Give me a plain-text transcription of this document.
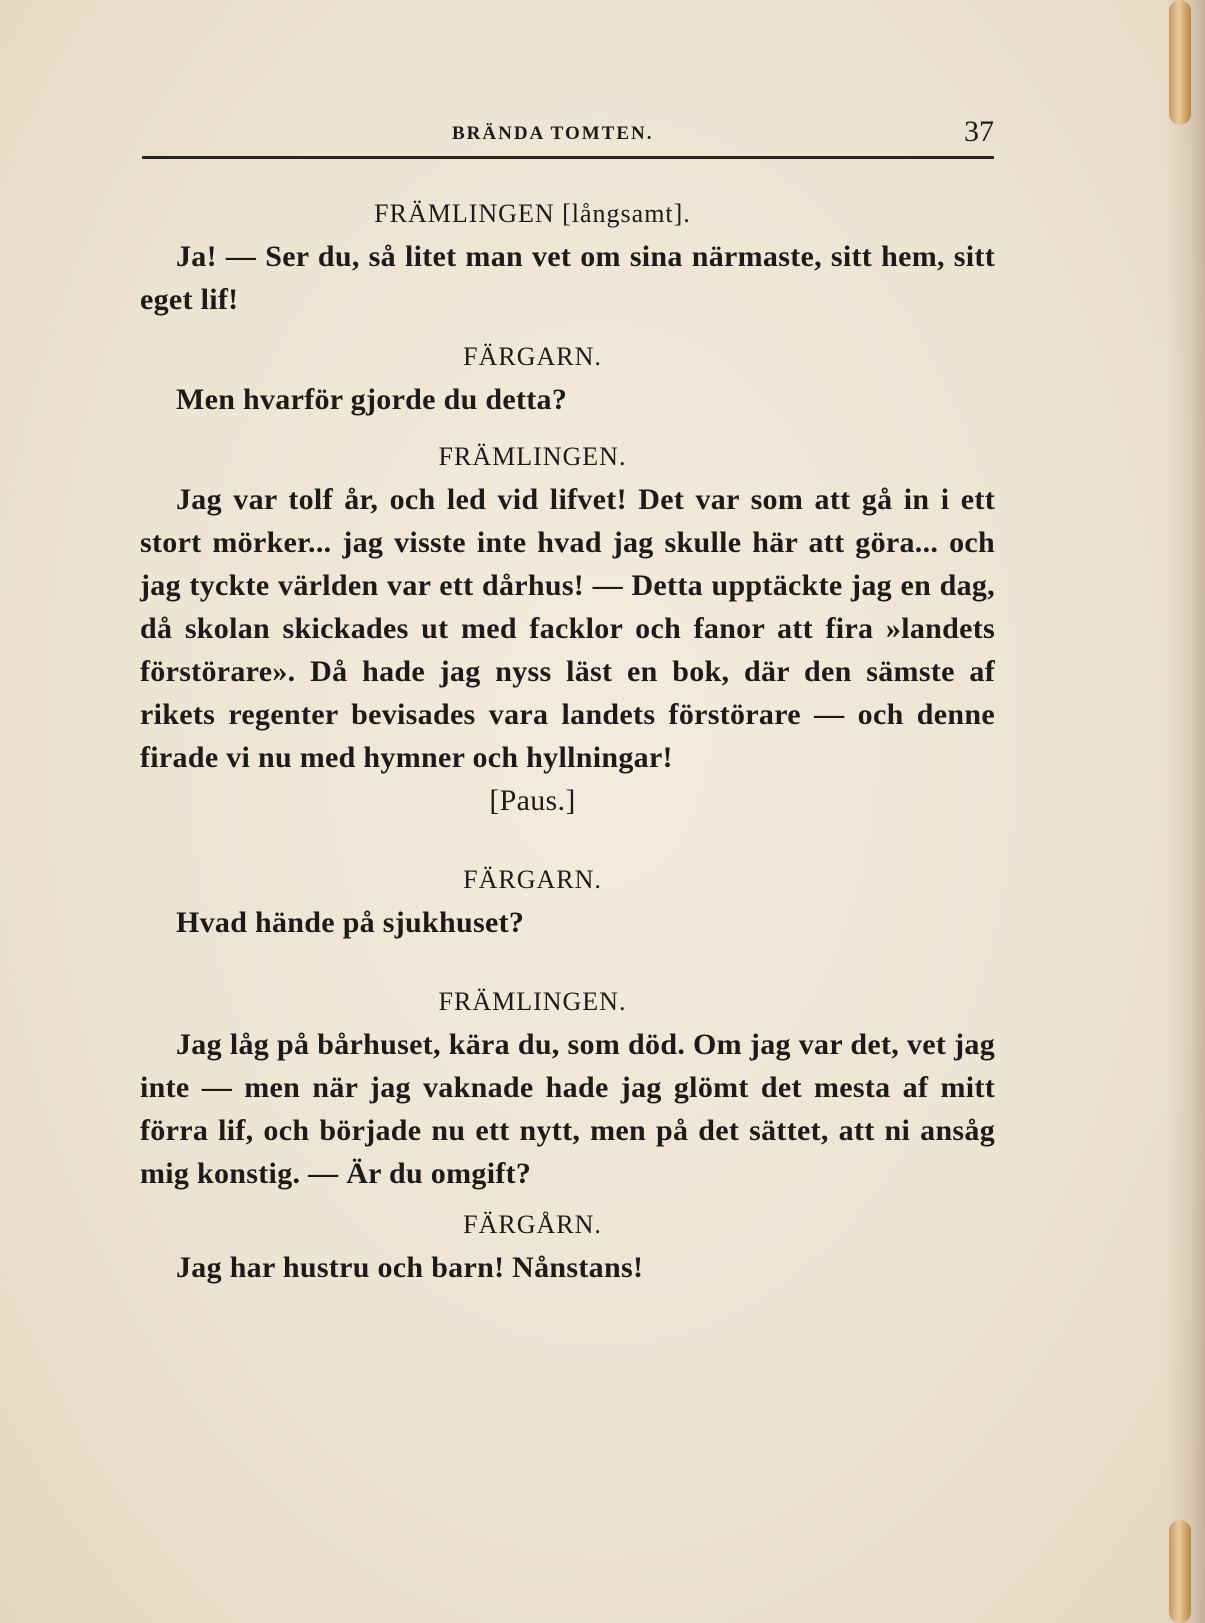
BRÄNDA TOMTEN.	37
FRÄMLINGEN [långsamt].

Ja! — Ser du, så litet man vet om sina närmaste, sitt hem, sitt eget lif!

FÄRGARN.

Men hvarför gjorde du detta?

FRÄMLINGEN.

Jag var tolf år, och led vid lifvet! Det var som att gå in i ett stort mörker... jag visste inte hvad jag skulle här att göra... och jag tyckte världen var ett dårhus! — Detta upptäckte jag en dag, då skolan skickades ut med facklor och fanor att fira »landets förstörare». Då hade jag nyss läst en bok, där den sämste af rikets regenter bevisades vara landets förstörare — och denne firade vi nu med hymner och hyllningar!

[Paus.]
FÄRGARN.

Hvad hände på sjukhuset?

FRÄMLINGEN.

Jag låg på bårhuset, kära du, som död. Om jag var det, vet jag inte — men när jag vaknade hade jag glömt det mesta af mitt förra lif, och började nu ett nytt, men på det sättet, att ni ansåg mig konstig. — Är du omgift?

FÄRGÅRN.

Jag har hustru och barn! Nånstans!
